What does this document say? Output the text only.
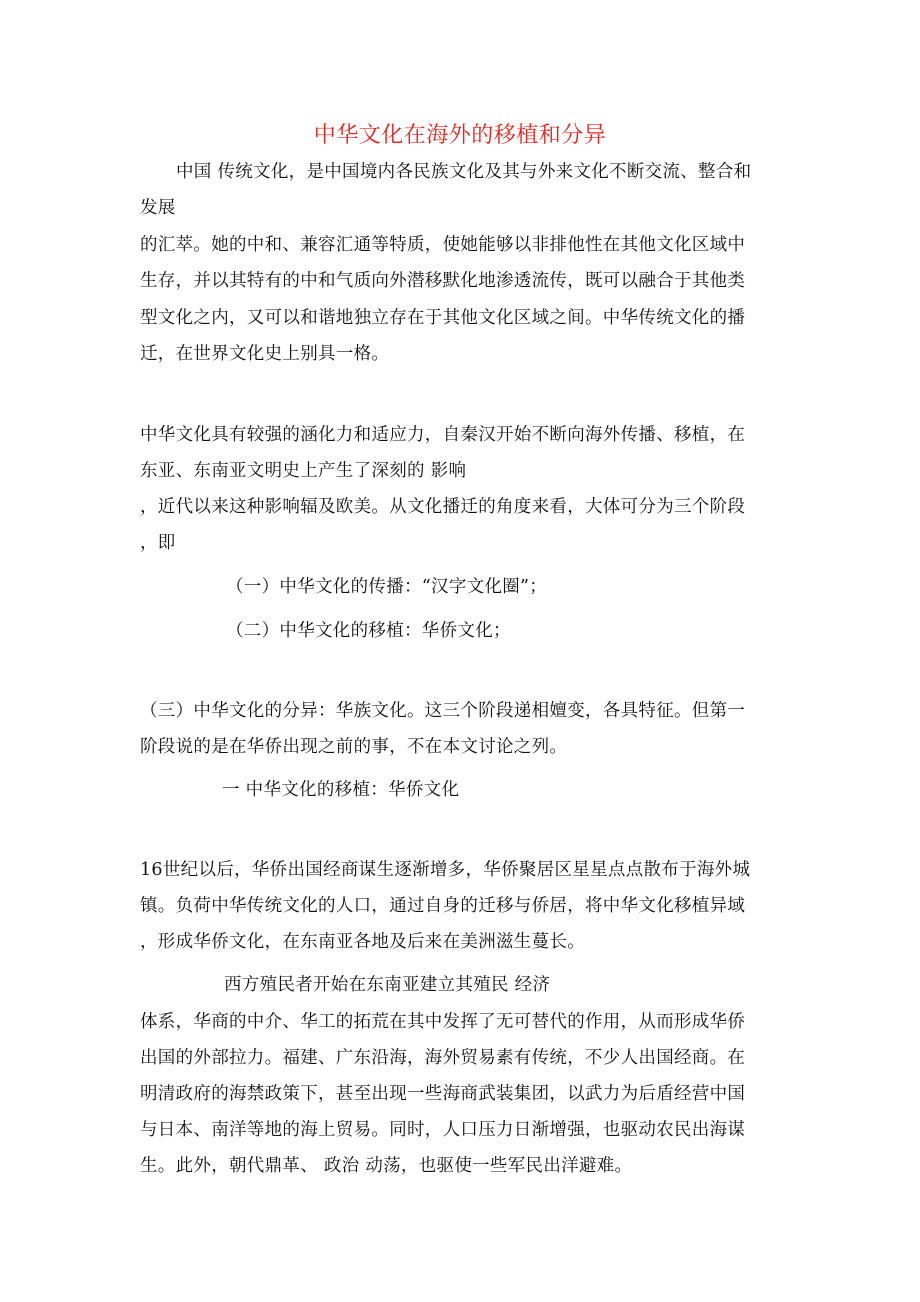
中华文化在海外的移植和分异
中国 传统文化，是中国境内各民族文化及其与外来文化不断交流、整合和
发展
的汇萃。她的中和、兼容汇通等特质，使她能够以非排他性在其他文化区域中
生存，并以其特有的中和气质向外潜移默化地渗透流传，既可以融合于其他类
型文化之内，又可以和谐地独立存在于其他文化区域之间。中华传统文化的播
迁，在世界文化史上别具一格。
中华文化具有较强的涵化力和适应力，自秦汉开始不断向海外传播、移植，在
东亚、东南亚文明史上产生了深刻的 影响
，近代以来这种影响辐及欧美。从文化播迁的角度来看，大体可分为三个阶段
，即
（一）中华文化的传播：“汉字文化圈”；
（二）中华文化的移植：华侨文化；
（三）中华文化的分异：华族文化。这三个阶段递相嬗变，各具特征。但第一
阶段说的是在华侨出现之前的事，不在本文讨论之列。
一 中华文化的移植：华侨文化
16世纪以后，华侨出国经商谋生逐渐增多，华侨聚居区星星点点散布于海外城
镇。负荷中华传统文化的人口，通过自身的迁移与侨居，将中华文化移植异域
，形成华侨文化，在东南亚各地及后来在美洲滋生蔓长。
西方殖民者开始在东南亚建立其殖民 经济
体系，华商的中介、华工的拓荒在其中发挥了无可替代的作用，从而形成华侨
出国的外部拉力。福建、广东沿海，海外贸易素有传统，不少人出国经商。在
明清政府的海禁政策下，甚至出现一些海商武装集团，以武力为后盾经营中国
与日本、南洋等地的海上贸易。同时，人口压力日渐增强，也驱动农民出海谋
生。此外，朝代鼎革、 政治 动荡，也驱使一些军民出洋避难。
